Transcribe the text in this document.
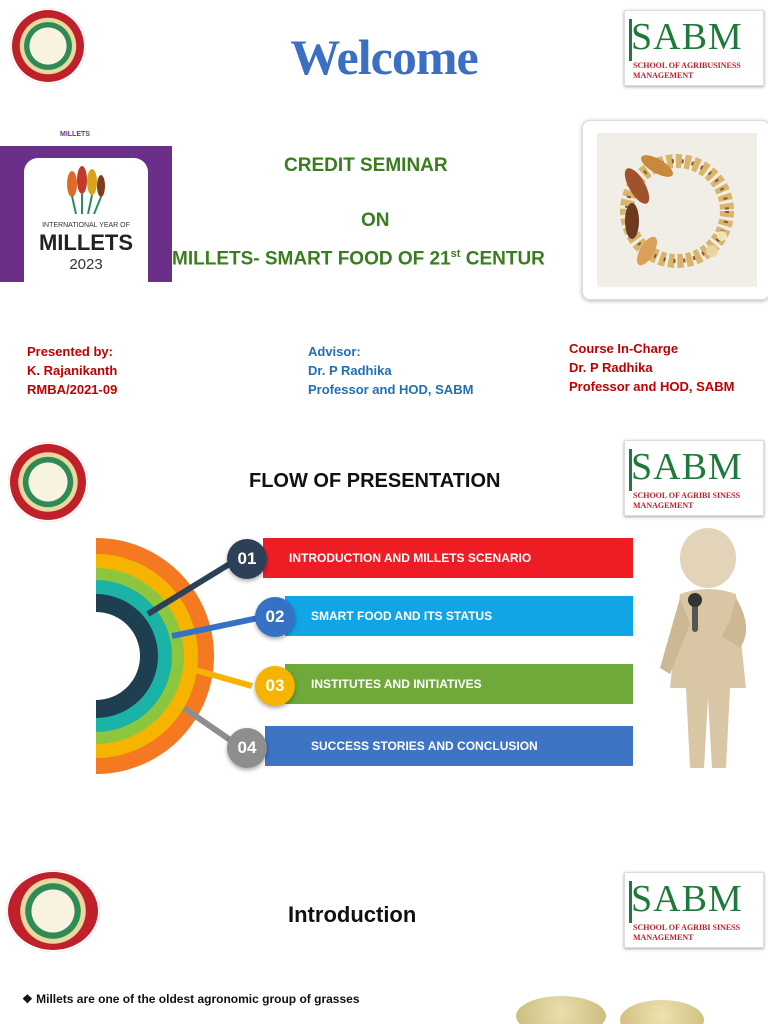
Welcome	SABM
SCHOOL OF AGRIBUSINESS
MANAGEMENT
MILLETS
INTERNATIONAL YEAR OF
MILLETS
2023
CREDIT SEMINAR
ON
MILLETS- SMART FOOD OF 21st CENTUR
Presented by:
K. Rajanikanth
RMBA/2021-09
Advisor:
Dr. P Radhika
Professor and HOD, SABM
Course In-Charge
Dr. P Radhika
Professor and HOD, SABM
FLOW OF PRESENTATION	SABM
SCHOOL OF AGRIBI SINESS
MANAGEMENT
INTRODUCTION AND MILLETS SCENARIO
01
SMART FOOD AND ITS STATUS
02
INSTITUTES AND INITIATIVES
03
SUCCESS STORIES AND CONCLUSION
04
Introduction	SABM
SCHOOL OF AGRIBI SINESS
MANAGEMENT
❖ Millets are one of the oldest agronomic group of grasses
